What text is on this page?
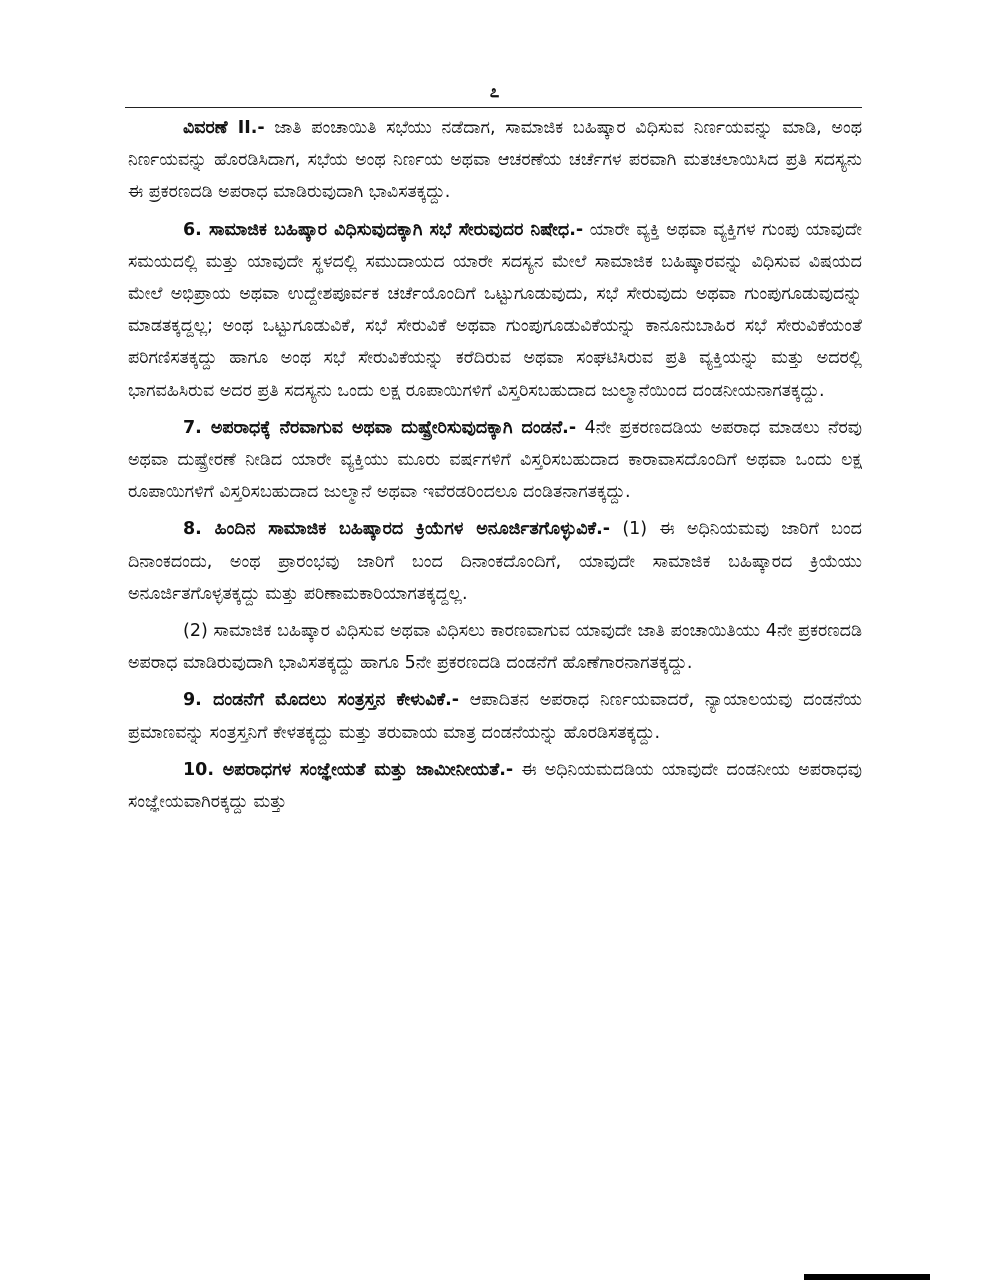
೭

ವಿವರಣೆ II.- ಜಾತಿ ಪಂಚಾಯಿತಿ ಸಭೆಯು ನಡೆದಾಗ, ಸಾಮಾಜಿಕ ಬಹಿಷ್ಕಾರ ವಿಧಿಸುವ ನಿರ್ಣಯವನ್ನು ಮಾಡಿ, ಅಂಥ ನಿರ್ಣಯವನ್ನು ಹೊರಡಿಸಿದಾಗ, ಸಭೆಯ ಅಂಥ ನಿರ್ಣಯ ಅಥವಾ ಆಚರಣೆಯ ಚರ್ಚೆಗಳ ಪರವಾಗಿ ಮತಚಲಾಯಿಸಿದ ಪ್ರತಿ ಸದಸ್ಯನು ಈ ಪ್ರಕರಣದಡಿ ಅಪರಾಧ ಮಾಡಿರುವುದಾಗಿ ಭಾವಿಸತಕ್ಕದ್ದು.

6. ಸಾಮಾಜಿಕ ಬಹಿಷ್ಕಾರ ವಿಧಿಸುವುದಕ್ಕಾಗಿ ಸಭೆ ಸೇರುವುದರ ನಿಷೇಧ.- ಯಾರೇ ವ್ಯಕ್ತಿ ಅಥವಾ ವ್ಯಕ್ತಿಗಳ ಗುಂಪು ಯಾವುದೇ ಸಮಯದಲ್ಲಿ ಮತ್ತು ಯಾವುದೇ ಸ್ಥಳದಲ್ಲಿ ಸಮುದಾಯದ ಯಾರೇ ಸದಸ್ಯನ ಮೇಲೆ ಸಾಮಾಜಿಕ ಬಹಿಷ್ಕಾರವನ್ನು ವಿಧಿಸುವ ವಿಷಯದ ಮೇಲೆ ಅಭಿಪ್ರಾಯ ಅಥವಾ ಉದ್ದೇಶಪೂರ್ವಕ ಚರ್ಚೆಯೊಂದಿಗೆ ಒಟ್ಟುಗೂಡುವುದು, ಸಭೆ ಸೇರುವುದು ಅಥವಾ ಗುಂಪುಗೂಡುವುದನ್ನು ಮಾಡತಕ್ಕದ್ದಲ್ಲ; ಅಂಥ ಒಟ್ಟುಗೂಡುವಿಕೆ, ಸಭೆ ಸೇರುವಿಕೆ ಅಥವಾ ಗುಂಪುಗೂಡುವಿಕೆಯನ್ನು ಕಾನೂನುಬಾಹಿರ ಸಭೆ ಸೇರುವಿಕೆಯಂತೆ ಪರಿಗಣಿಸತಕ್ಕದ್ದು ಹಾಗೂ ಅಂಥ ಸಭೆ ಸೇರುವಿಕೆಯನ್ನು ಕರೆದಿರುವ ಅಥವಾ ಸಂಘಟಿಸಿರುವ ಪ್ರತಿ ವ್ಯಕ್ತಿಯನ್ನು ಮತ್ತು ಅದರಲ್ಲಿ ಭಾಗವಹಿಸಿರುವ ಅದರ ಪ್ರತಿ ಸದಸ್ಯನು ಒಂದು ಲಕ್ಷ ರೂಪಾಯಿಗಳಿಗೆ ವಿಸ್ತರಿಸಬಹುದಾದ ಜುಲ್ಮಾನೆಯಿಂದ ದಂಡನೀಯನಾಗತಕ್ಕದ್ದು.

7. ಅಪರಾಧಕ್ಕೆ ನೆರವಾಗುವ ಅಥವಾ ದುಷ್ಪ್ರೇರಿಸುವುದಕ್ಕಾಗಿ ದಂಡನೆ.- 4ನೇ ಪ್ರಕರಣದಡಿಯ ಅಪರಾಧ ಮಾಡಲು ನೆರವು ಅಥವಾ ದುಷ್ಪ್ರೇರಣೆ ನೀಡಿದ ಯಾರೇ ವ್ಯಕ್ತಿಯು ಮೂರು ವರ್ಷಗಳಿಗೆ ವಿಸ್ತರಿಸಬಹುದಾದ ಕಾರಾವಾಸದೊಂದಿಗೆ ಅಥವಾ ಒಂದು ಲಕ್ಷ ರೂಪಾಯಿಗಳಿಗೆ ವಿಸ್ತರಿಸಬಹುದಾದ ಜುಲ್ಮಾನೆ ಅಥವಾ ಇವೆರಡರಿಂದಲೂ ದಂಡಿತನಾಗತಕ್ಕದ್ದು.

8. ಹಿಂದಿನ ಸಾಮಾಜಿಕ ಬಹಿಷ್ಕಾರದ ಕ್ರಿಯೆಗಳ ಅನೂರ್ಜಿತಗೊಳ್ಳುವಿಕೆ.- (1) ಈ ಅಧಿನಿಯಮವು ಜಾರಿಗೆ ಬಂದ ದಿನಾಂಕದಂದು, ಅಂಥ ಪ್ರಾರಂಭವು ಜಾರಿಗೆ ಬಂದ ದಿನಾಂಕದೊಂದಿಗೆ, ಯಾವುದೇ ಸಾಮಾಜಿಕ ಬಹಿಷ್ಕಾರದ ಕ್ರಿಯೆಯು ಅನೂರ್ಜಿತಗೊಳ್ಳತಕ್ಕದ್ದು ಮತ್ತು ಪರಿಣಾಮಕಾರಿಯಾಗತಕ್ಕದ್ದಲ್ಲ.

(2) ಸಾಮಾಜಿಕ ಬಹಿಷ್ಕಾರ ವಿಧಿಸುವ ಅಥವಾ ವಿಧಿಸಲು ಕಾರಣವಾಗುವ ಯಾವುದೇ ಜಾತಿ ಪಂಚಾಯಿತಿಯು 4ನೇ ಪ್ರಕರಣದಡಿ ಅಪರಾಧ ಮಾಡಿರುವುದಾಗಿ ಭಾವಿಸತಕ್ಕದ್ದು ಹಾಗೂ 5ನೇ ಪ್ರಕರಣದಡಿ ದಂಡನೆಗೆ ಹೊಣೆಗಾರನಾಗತಕ್ಕದ್ದು.

9. ದಂಡನೆಗೆ ಮೊದಲು ಸಂತ್ರಸ್ತನ ಕೇಳುವಿಕೆ.- ಆಪಾದಿತನ ಅಪರಾಧ ನಿರ್ಣಯವಾದರೆ, ನ್ಯಾಯಾಲಯವು ದಂಡನೆಯ ಪ್ರಮಾಣವನ್ನು ಸಂತ್ರಸ್ತನಿಗೆ ಕೇಳತಕ್ಕದ್ದು ಮತ್ತು ತರುವಾಯ ಮಾತ್ರ ದಂಡನೆಯನ್ನು ಹೊರಡಿಸತಕ್ಕದ್ದು.

10. ಅಪರಾಧಗಳ ಸಂಜ್ಞೇಯತೆ ಮತ್ತು ಜಾಮೀನೀಯತೆ.- ಈ ಅಧಿನಿಯಮದಡಿಯ ಯಾವುದೇ ದಂಡನೀಯ ಅಪರಾಧವು ಸಂಜ್ಞೇಯವಾಗಿರಕ್ಕದ್ದು ಮತ್ತು
